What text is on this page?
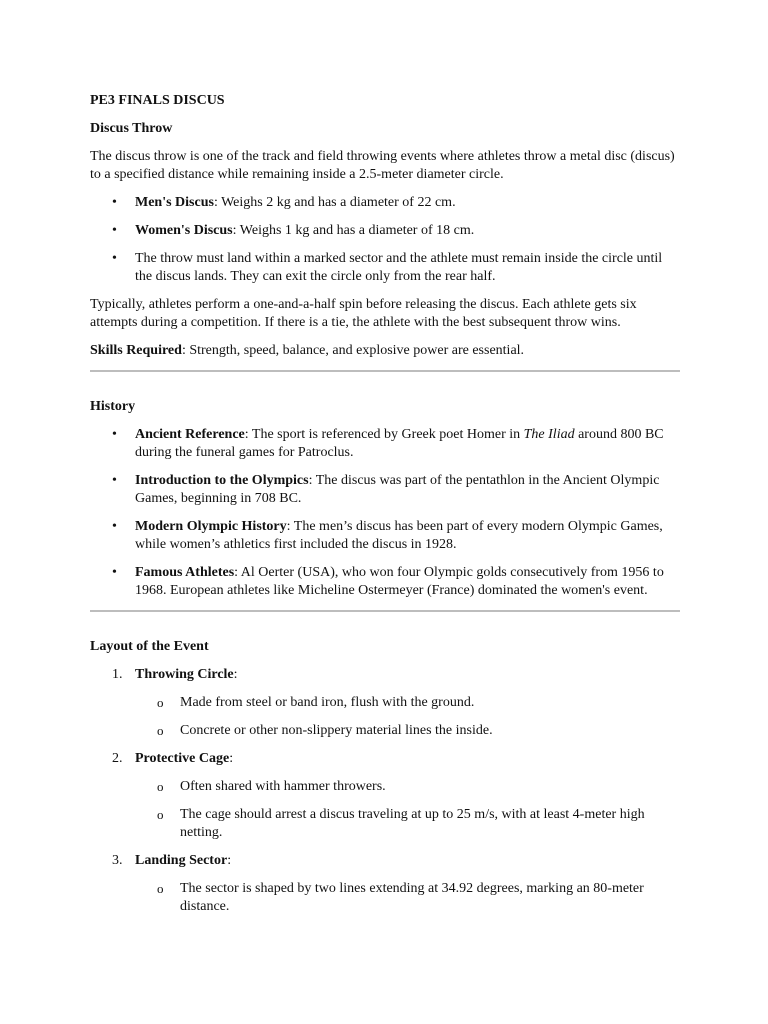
PE3 FINALS DISCUS
Discus Throw

The discus throw is one of the track and field throwing events where athletes throw a metal disc (discus) to a specified distance while remaining inside a 2.5-meter diameter circle.

• Men's Discus: Weighs 2 kg and has a diameter of 22 cm.
• Women's Discus: Weighs 1 kg and has a diameter of 18 cm.
• The throw must land within a marked sector and the athlete must remain inside the circle until the discus lands. They can exit the circle only from the rear half.

Typically, athletes perform a one-and-a-half spin before releasing the discus. Each athlete gets six attempts during a competition. If there is a tie, the athlete with the best subsequent throw wins.

Skills Required: Strength, speed, balance, and explosive power are essential.

History
• Ancient Reference: The sport is referenced by Greek poet Homer in The Iliad around 800 BC during the funeral games for Patroclus.
• Introduction to the Olympics: The discus was part of the pentathlon in the Ancient Olympic Games, beginning in 708 BC.
• Modern Olympic History: The men’s discus has been part of every modern Olympic Games, while women’s athletics first included the discus in 1928.
• Famous Athletes: Al Oerter (USA), who won four Olympic golds consecutively from 1956 to 1968. European athletes like Micheline Ostermeyer (France) dominated the women's event.
Layout of the Event
1. Throwing Circle:
o Made from steel or band iron, flush with the ground.
o Concrete or other non-slippery material lines the inside.
2. Protective Cage:
o Often shared with hammer throwers.
o The cage should arrest a discus traveling at up to 25 m/s, with at least 4-meter high netting.
3. Landing Sector:
o The sector is shaped by two lines extending at 34.92 degrees, marking an 80-meter distance.
